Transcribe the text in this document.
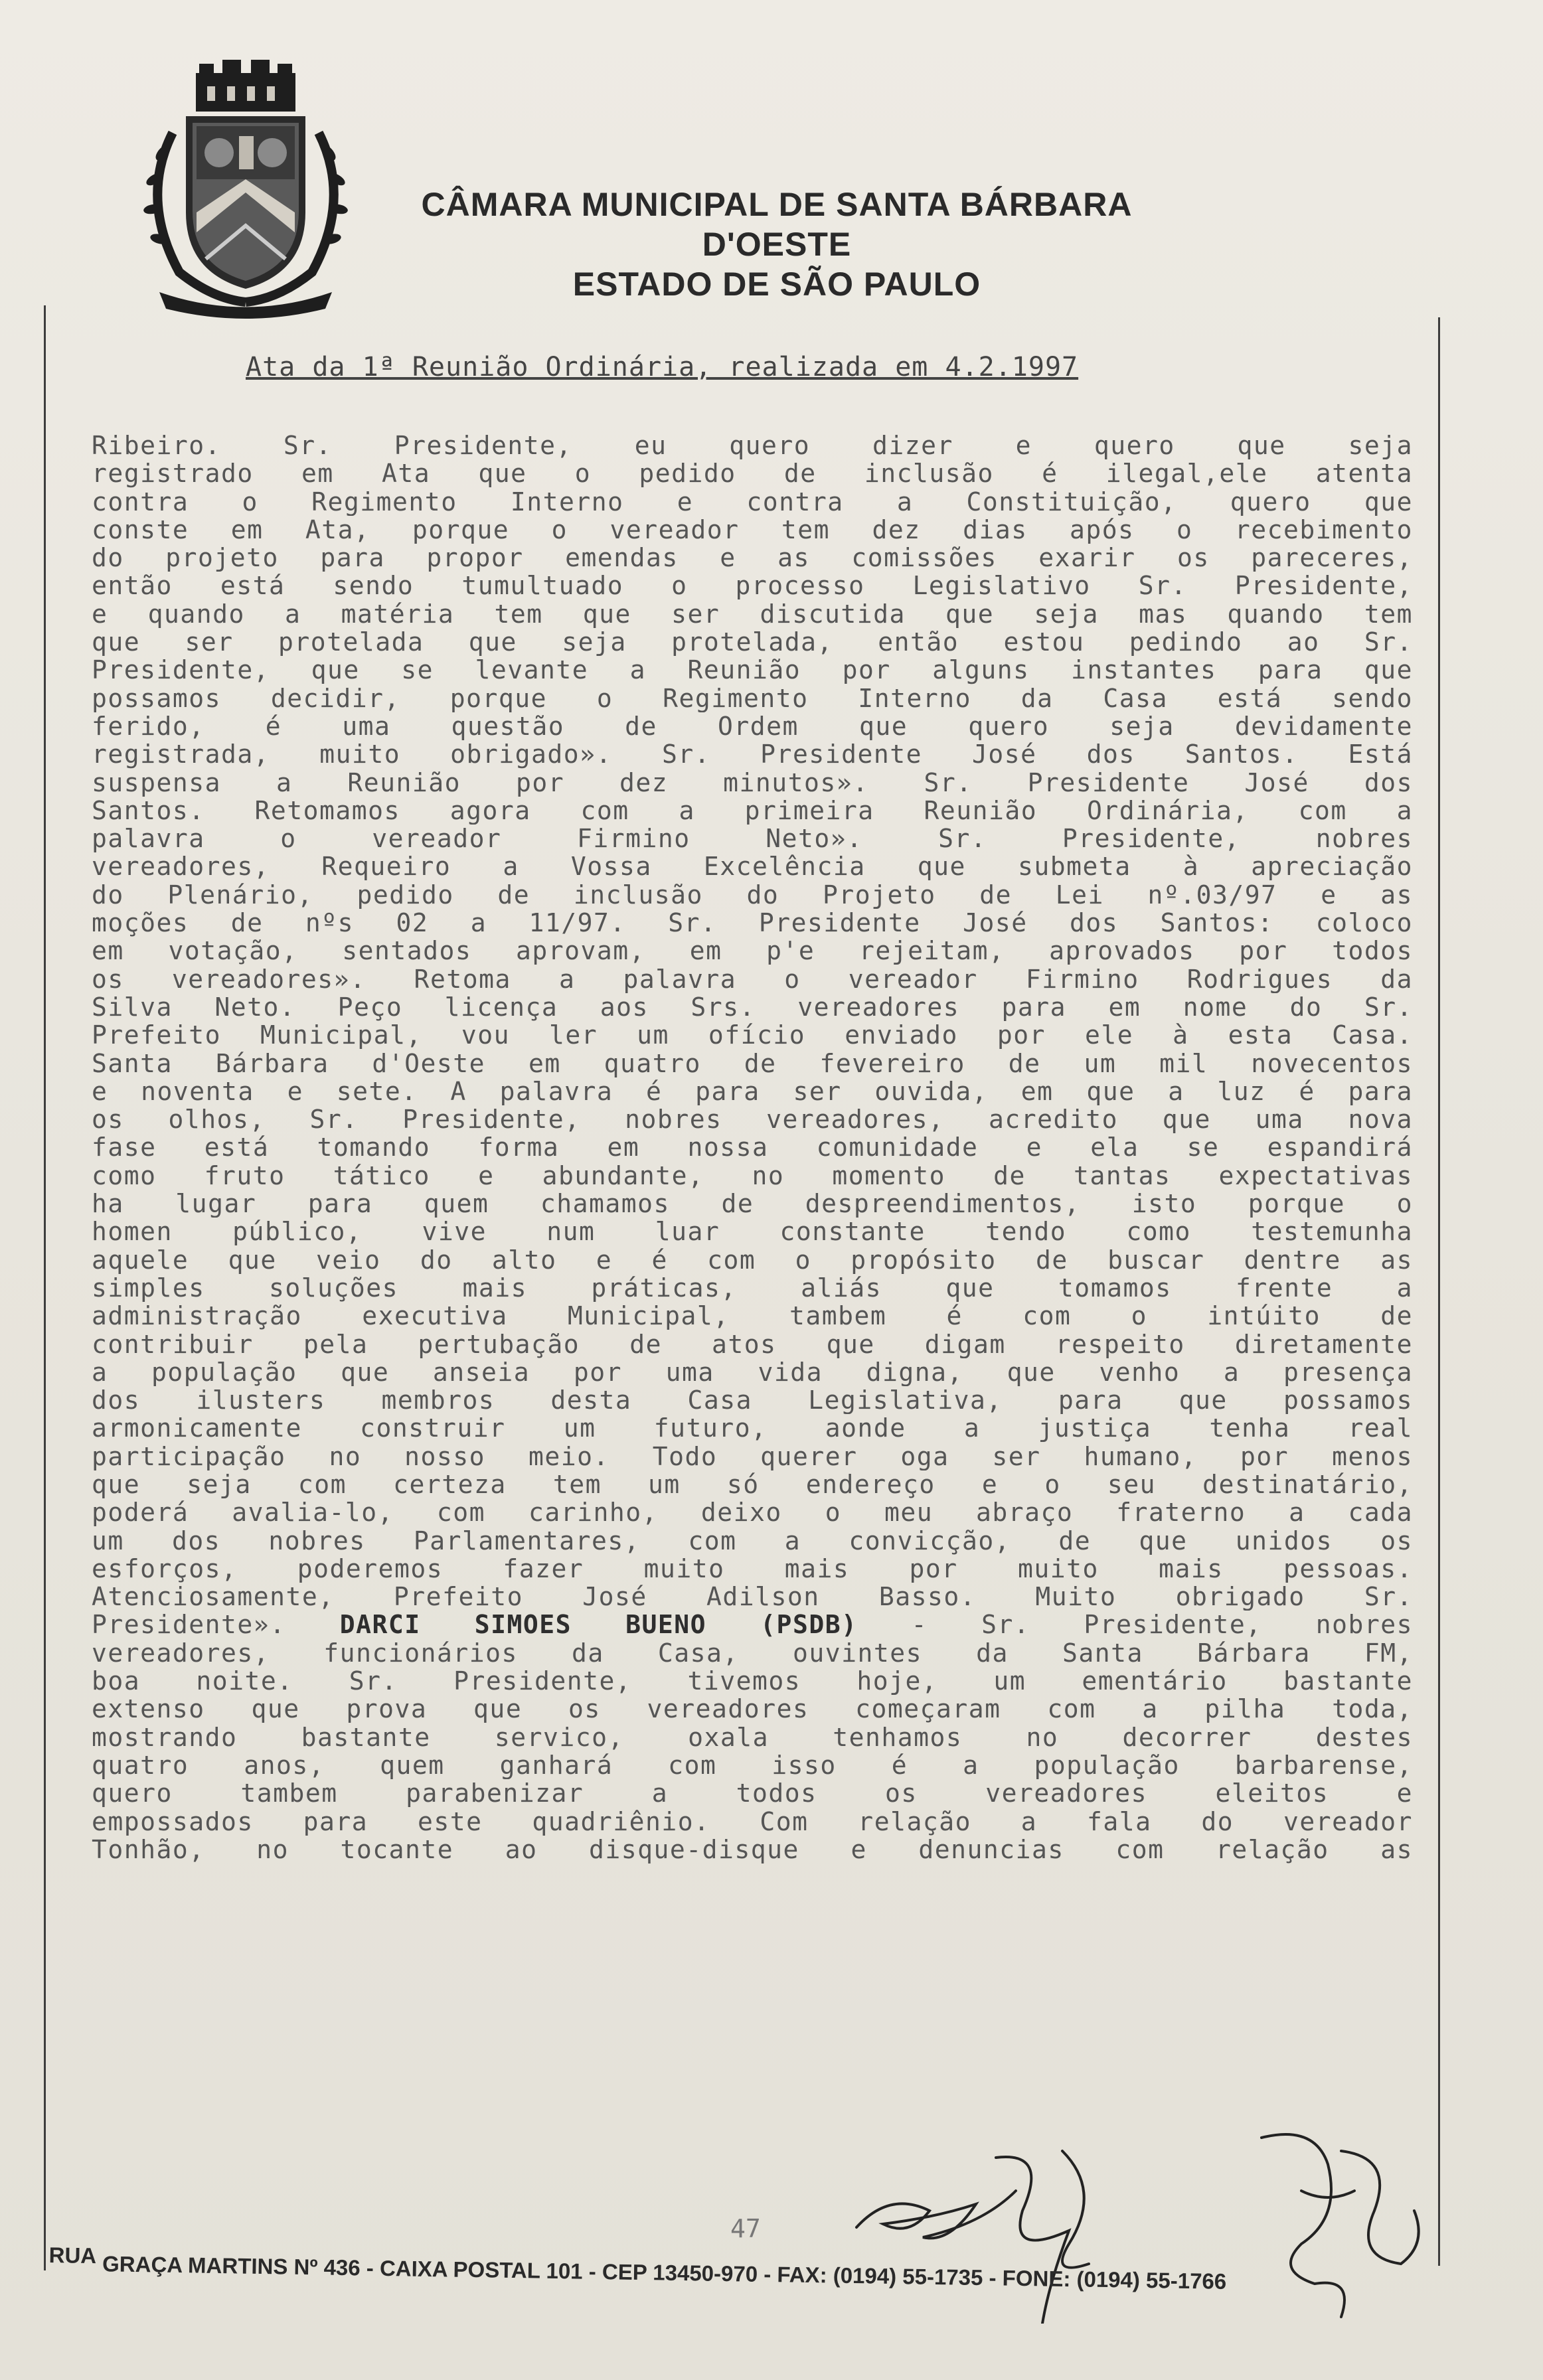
CÂMARA MUNICIPAL DE SANTA BÁRBARA D'OESTE
ESTADO DE SÃO PAULO
Ata da 1ª Reunião Ordinária, realizada em 4.2.1997
Ribeiro. Sr. Presidente, eu quero dizer e quero que seja
registrado em Ata que o pedido de inclusão é ilegal,ele atenta
contra o Regimento Interno e contra a Constituição, quero que
conste em Ata, porque o vereador tem dez dias após o recebimento
do projeto para propor emendas e as comissões exarir os pareceres,
então está sendo tumultuado o processo Legislativo Sr. Presidente,
e quando a matéria tem que ser discutida que seja mas quando tem
que ser protelada que seja protelada, então estou pedindo ao Sr.
Presidente, que se levante a Reunião por alguns instantes para que
possamos decidir, porque o Regimento Interno da Casa está sendo
ferido, é uma questão de Ordem que quero seja devidamente
registrada, muito obrigado». Sr. Presidente José dos Santos. Está
suspensa a Reunião por dez minutos». Sr. Presidente José dos
Santos. Retomamos agora com a primeira Reunião Ordinária, com a
palavra o vereador Firmino Neto». Sr. Presidente, nobres
vereadores, Requeiro a Vossa Excelência que submeta à apreciação
do Plenário, pedido de inclusão do Projeto de Lei nº.03/97 e as
moções de nºs 02 a 11/97. Sr. Presidente José dos Santos: coloco
em votação, sentados aprovam, em p'e rejeitam, aprovados por todos
os vereadores». Retoma a palavra o vereador Firmino Rodrigues da
Silva Neto. Peço licença aos Srs. vereadores para em nome do Sr.
Prefeito Municipal, vou ler um ofício enviado por ele à esta Casa.
Santa Bárbara d'Oeste em quatro de fevereiro de um mil novecentos
e noventa e sete. A palavra é para ser ouvida, em que a luz é para
os olhos, Sr. Presidente, nobres vereadores, acredito que uma nova
fase está tomando forma em nossa comunidade e ela se espandirá
como fruto tático e abundante, no momento de tantas expectativas
ha lugar para quem chamamos de despreendimentos, isto porque o
homen público, vive num luar constante tendo como testemunha
aquele que veio do alto e é com o propósito de buscar dentre as
simples soluções mais práticas, aliás que tomamos frente a
administração executiva Municipal, tambem é com o intúito de
contribuir pela pertubação de atos que digam respeito diretamente
a população que anseia por uma vida digna, que venho a presença
dos ilusters membros desta Casa Legislativa, para que possamos
armonicamente construir um futuro, aonde a justiça tenha real
participação no nosso meio. Todo querer oga ser humano, por menos
que seja com certeza tem um só endereço e o seu destinatário,
poderá avalia-lo, com carinho, deixo o meu abraço fraterno a cada
um dos nobres Parlamentares, com a convicção, de que unidos os
esforços, poderemos fazer muito mais por muito mais pessoas.
Atenciosamente, Prefeito José Adilson Basso. Muito obrigado Sr.
Presidente». DARCI SIMOES BUENO (PSDB) - Sr. Presidente, nobres
vereadores, funcionários da Casa, ouvintes da Santa Bárbara FM,
boa noite. Sr. Presidente, tivemos hoje, um ementário bastante
extenso que prova que os vereadores começaram com a pilha toda,
mostrando bastante servico, oxala tenhamos no decorrer destes
quatro anos, quem ganhará com isso é a população barbarense,
quero tambem parabenizar a todos os vereadores eleitos e
empossados para este quadriênio. Com relação a fala do vereador
Tonhão, no tocante ao disque-disque e denuncias com relação as
47
RUA GRAÇA MARTINS Nº 436 - CAIXA POSTAL 101 - CEP 13450-970 - FAX: (0194) 55-1735 - FONE: (0194) 55-1766
